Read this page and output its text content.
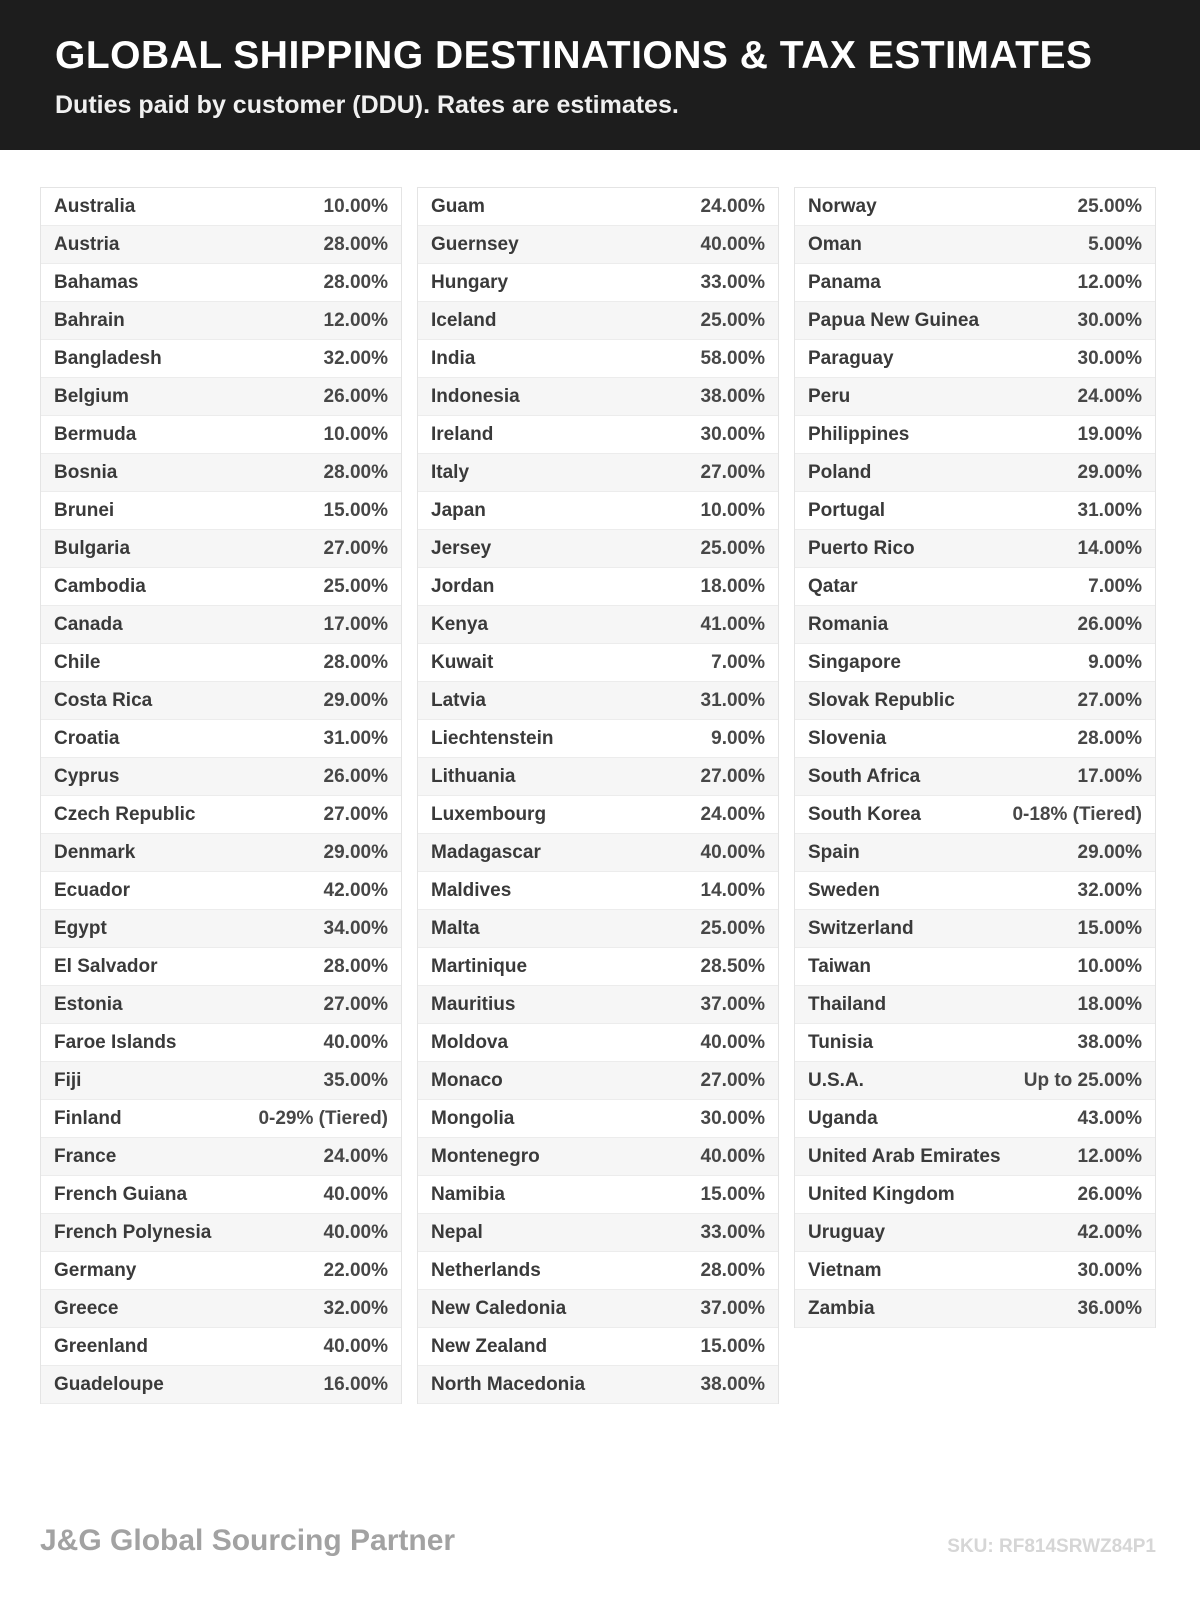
GLOBAL SHIPPING DESTINATIONS & TAX ESTIMATES
Duties paid by customer (DDU). Rates are estimates.
Australia	10.00%
Austria	28.00%
Bahamas	28.00%
Bahrain	12.00%
Bangladesh	32.00%
Belgium	26.00%
Bermuda	10.00%
Bosnia	28.00%
Brunei	15.00%
Bulgaria	27.00%
Cambodia	25.00%
Canada	17.00%
Chile	28.00%
Costa Rica	29.00%
Croatia	31.00%
Cyprus	26.00%
Czech Republic	27.00%
Denmark	29.00%
Ecuador	42.00%
Egypt	34.00%
El Salvador	28.00%
Estonia	27.00%
Faroe Islands	40.00%
Fiji	35.00%
Finland	0-29% (Tiered)
France	24.00%
French Guiana	40.00%
French Polynesia	40.00%
Germany	22.00%
Greece	32.00%
Greenland	40.00%
Guadeloupe	16.00%
Guam	24.00%
Guernsey	40.00%
Hungary	33.00%
Iceland	25.00%
India	58.00%
Indonesia	38.00%
Ireland	30.00%
Italy	27.00%
Japan	10.00%
Jersey	25.00%
Jordan	18.00%
Kenya	41.00%
Kuwait	7.00%
Latvia	31.00%
Liechtenstein	9.00%
Lithuania	27.00%
Luxembourg	24.00%
Madagascar	40.00%
Maldives	14.00%
Malta	25.00%
Martinique	28.50%
Mauritius	37.00%
Moldova	40.00%
Monaco	27.00%
Mongolia	30.00%
Montenegro	40.00%
Namibia	15.00%
Nepal	33.00%
Netherlands	28.00%
New Caledonia	37.00%
New Zealand	15.00%
North Macedonia	38.00%
Norway	25.00%
Oman	5.00%
Panama	12.00%
Papua New Guinea	30.00%
Paraguay	30.00%
Peru	24.00%
Philippines	19.00%
Poland	29.00%
Portugal	31.00%
Puerto Rico	14.00%
Qatar	7.00%
Romania	26.00%
Singapore	9.00%
Slovak Republic	27.00%
Slovenia	28.00%
South Africa	17.00%
South Korea	0-18% (Tiered)
Spain	29.00%
Sweden	32.00%
Switzerland	15.00%
Taiwan	10.00%
Thailand	18.00%
Tunisia	38.00%
U.S.A.	Up to 25.00%
Uganda	43.00%
United Arab Emirates	12.00%
United Kingdom	26.00%
Uruguay	42.00%
Vietnam	30.00%
Zambia	36.00%
J&G Global Sourcing Partner	SKU: RF814SRWZ84P1
